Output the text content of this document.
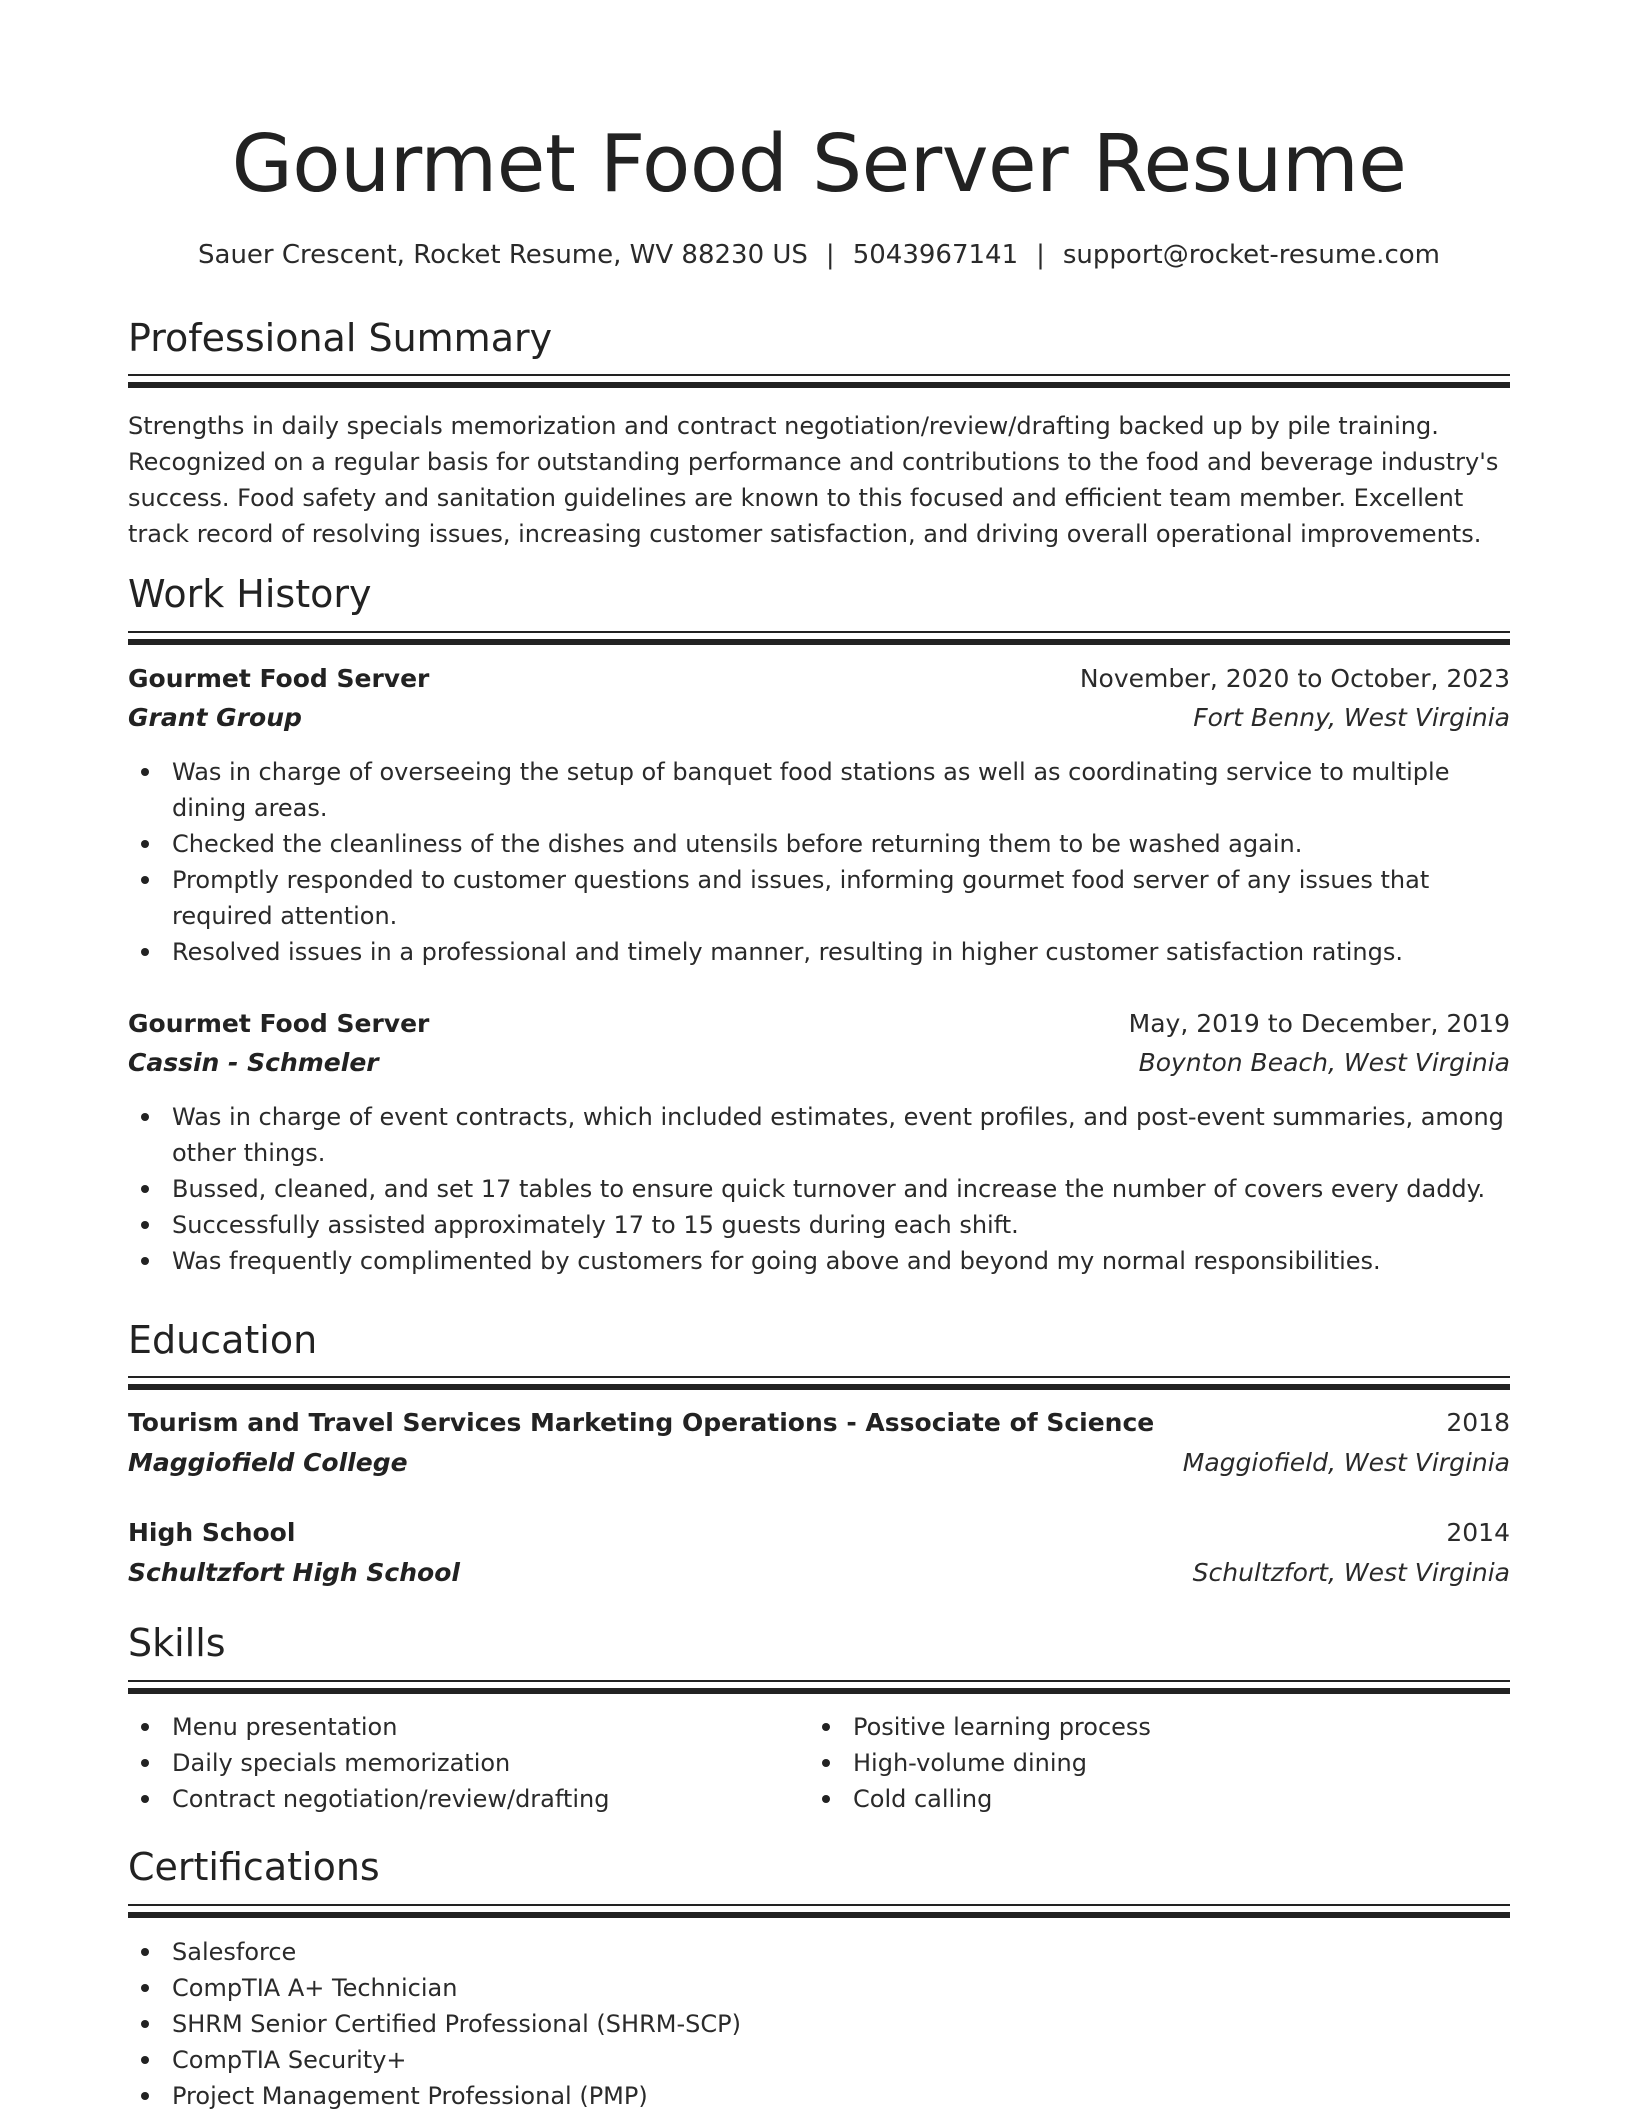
Gourmet Food Server Resume
Sauer Crescent, Rocket Resume, WV 88230 US | 5043967141 | support@rocket-resume.com
Professional Summary
Strengths in daily specials memorization and contract negotiation/review/drafting backed up by pile training. Recognized on a regular basis for outstanding performance and contributions to the food and beverage industry's success. Food safety and sanitation guidelines are known to this focused and efficient team member. Excellent track record of resolving issues, increasing customer satisfaction, and driving overall operational improvements.
Work History
Gourmet Food Server	November, 2020 to October, 2023
Grant Group	Fort Benny, West Virginia
Was in charge of overseeing the setup of banquet food stations as well as coordinating service to multiple dining areas.
Checked the cleanliness of the dishes and utensils before returning them to be washed again.
Promptly responded to customer questions and issues, informing gourmet food server of any issues that required attention.
Resolved issues in a professional and timely manner, resulting in higher customer satisfaction ratings.
Gourmet Food Server	May, 2019 to December, 2019
Cassin - Schmeler	Boynton Beach, West Virginia
Was in charge of event contracts, which included estimates, event profiles, and post-event summaries, among other things.
Bussed, cleaned, and set 17 tables to ensure quick turnover and increase the number of covers every daddy.
Successfully assisted approximately 17 to 15 guests during each shift.
Was frequently complimented by customers for going above and beyond my normal responsibilities.
Education
Tourism and Travel Services Marketing Operations - Associate of Science	2018
Maggiofield College	Maggiofield, West Virginia
High School	2014
Schultzfort High School	Schultzfort, West Virginia
Skills
Menu presentation
Daily specials memorization
Contract negotiation/review/drafting
Positive learning process
High-volume dining
Cold calling
Certifications
Salesforce
CompTIA A+ Technician
SHRM Senior Certified Professional (SHRM-SCP)
CompTIA Security+
Project Management Professional (PMP)
